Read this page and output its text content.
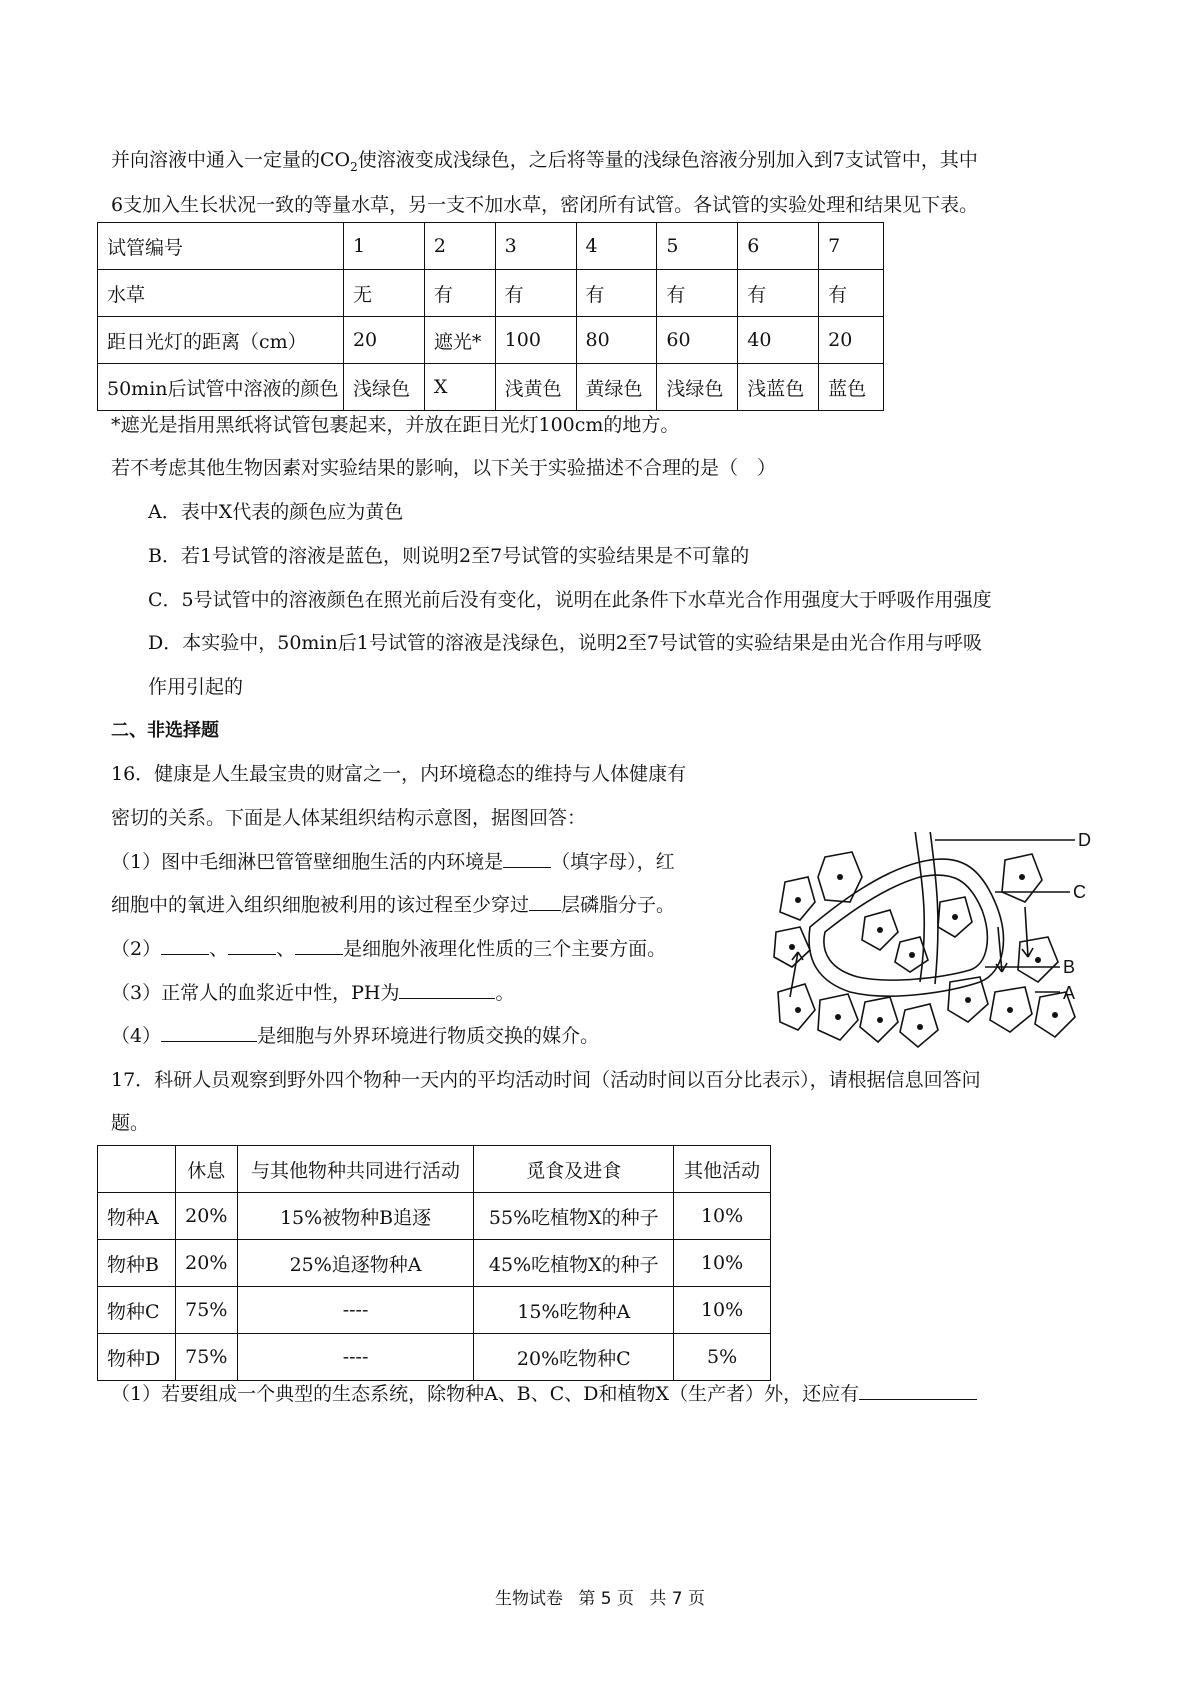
并向溶液中通入一定量的$CO_2$使溶液变成浅绿色，之后将等量的浅绿色溶液分别加入到7支试管中，其中

6支加入生长状况一致的等量水草，另一支不加水草，密闭所有试管。各试管的实验处理和结果见下表。

试管编号	1	2	3	4	5	6	7
水草	无	有	有	有	有	有	有
距日光灯的距离（cm）	20	遮光*	100	80	60	40	20
50min后试管中溶液的颜色	浅绿色	X	浅黄色	黄绿色	浅绿色	浅蓝色	蓝色

*遮光是指用黑纸将试管包裹起来，并放在距日光灯100cm的地方。

若不考虑其他生物因素对实验结果的影响，以下关于实验描述不合理的是（　）

A．表中X代表的颜色应为黄色

B．若1号试管的溶液是蓝色，则说明2至7号试管的实验结果是不可靠的

C．5号试管中的溶液颜色在照光前后没有变化，说明在此条件下水草光合作用强度大于呼吸作用强度

D．本实验中，50min后1号试管的溶液是浅绿色，说明2至7号试管的实验结果是由光合作用与呼吸

作用引起的

二、非选择题

16．健康是人生最宝贵的财富之一，内环境稳态的维持与人体健康有

密切的关系。下面是人体某组织结构示意图，据图回答：

（1）图中毛细淋巴管管壁细胞生活的内环境是	（填字母），红

细胞中的氧进入组织细胞被利用的该过程至少穿过 层磷脂分子。

（2）	、	、	是细胞外液理化性质的三个主要方面。

（3）正常人的血浆近中性，PH为	。

（4）	是细胞与外界环境进行物质交换的媒介。

D
C
B
A

17．科研人员观察到野外四个物种一天内的平均活动时间（活动时间以百分比表示），请根据信息回答问

题。

	休息	与其他物种共同进行活动	觅食及进食	其他活动
物种A	20%	15%被物种B追逐	55%吃植物X的种子	10%
物种B	20%	25%追逐物种A	45%吃植物X的种子	10%
物种C	75%	----	15%吃物种A	10%
物种D	75%	----	20%吃物种C	5%

（1）若要组成一个典型的生态系统，除物种A、B、C、D和植物X（生产者）外，还应有

生物试卷 第 5 页 共 7 页
